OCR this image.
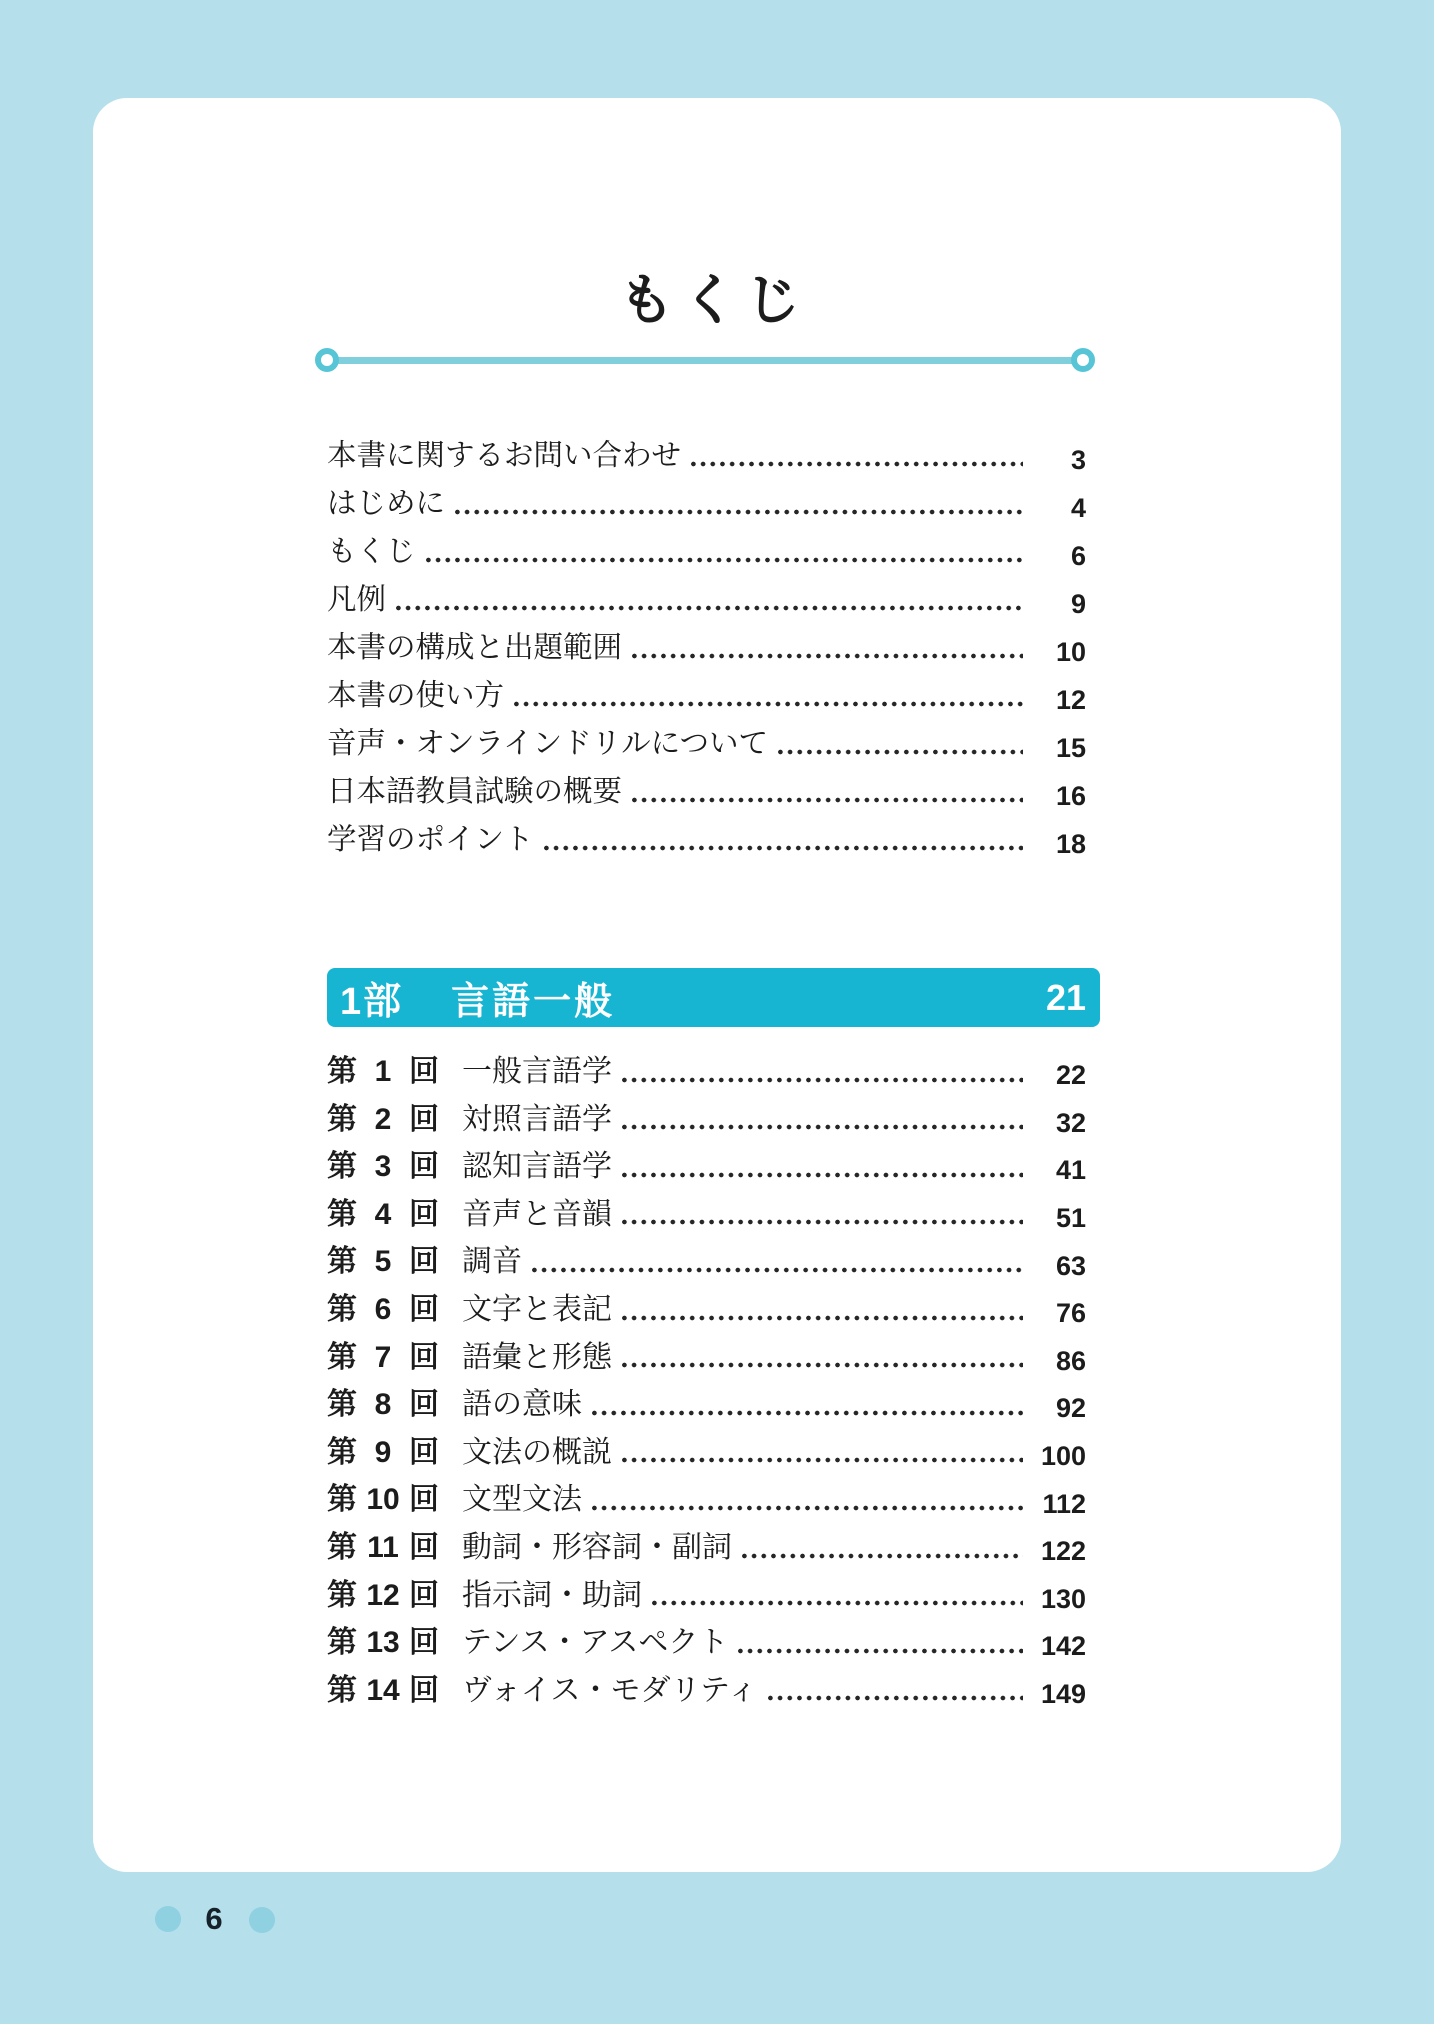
もくじ
本書に関するお問い合わせ	3
はじめに	4
もくじ	6
凡例	9
本書の構成と出題範囲	10
本書の使い方	12
音声・オンラインドリルについて	15
日本語教員試験の概要	16
学習のポイント	18
1部 言語一般	21
第 1 回 一般言語学	22
第 2 回 対照言語学	32
第 3 回 認知言語学	41
第 4 回 音声と音韻	51
第 5 回 調音	63
第 6 回 文字と表記	76
第 7 回 語彙と形態	86
第 8 回 語の意味	92
第 9 回 文法の概説	100
第 10 回 文型文法	112
第 11 回 動詞・形容詞・副詞	122
第 12 回 指示詞・助詞	130
第 13 回 テンス・アスペクト	142
第 14 回 ヴォイス・モダリティ	149
6
